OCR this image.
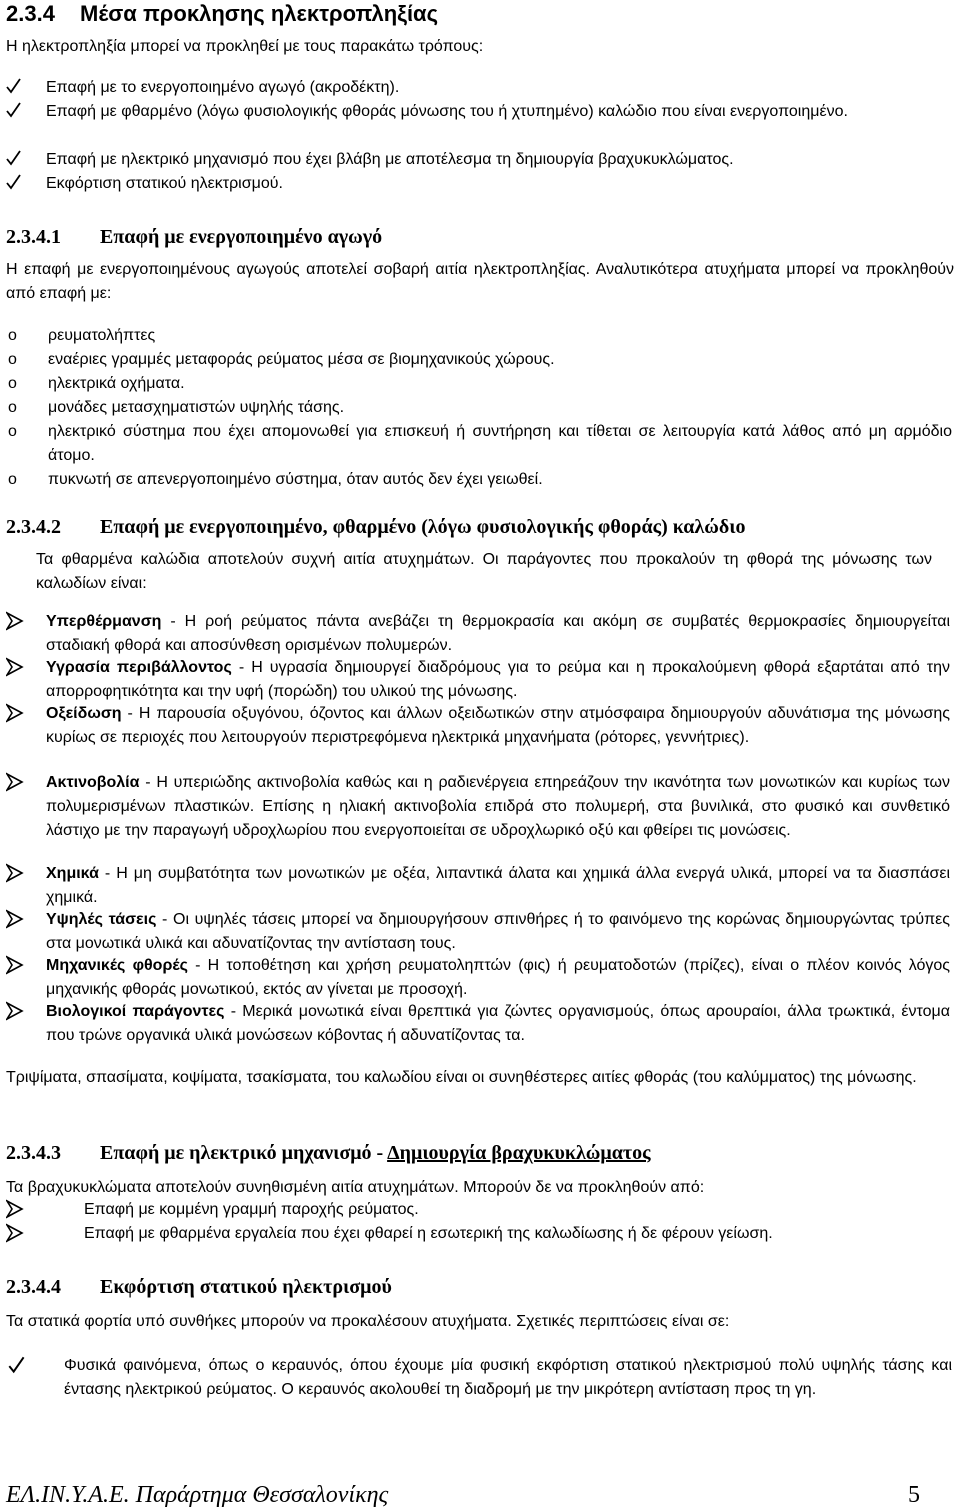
2.3.4 Μέσα προκλησης ηλεκτροπληξίας
Η ηλεκτροπληξία μπορεί να προκληθεί με τους παρακάτω τρόπους:
Επαφή με το ενεργοποιημένο αγωγό (ακροδέκτη).
Επαφή με φθαρμένο (λόγω φυσιολογικής φθοράς μόνωσης του ή χτυπημένο) καλώδιο που είναι ενεργοποιημένο.
Επαφή με ηλεκτρικό μηχανισμό που έχει βλάβη με αποτέλεσμα τη δημιουργία βραχυκυκλώματος.
Εκφόρτιση στατικού ηλεκτρισμού.
2.3.4.1 Επαφή με ενεργοποιημένο αγωγό
Η επαφή με ενεργοποιημένους αγωγούς αποτελεί σοβαρή αιτία ηλεκτροπληξίας. Αναλυτικότερα ατυχήματα μπορεί να προκληθούν από επαφή με:
o ρευματολήπτες
o εναέριες γραμμές μεταφοράς ρεύματος μέσα σε βιομηχανικούς χώρους.
o ηλεκτρικά οχήματα.
o μονάδες μετασχηματιστών υψηλής τάσης.
o ηλεκτρικό σύστημα που έχει απομονωθεί για επισκευή ή συντήρηση και τίθεται σε λειτουργία κατά λάθος από μη αρμόδιο άτομο.
o πυκνωτή σε απενεργοποιημένο σύστημα, όταν αυτός δεν έχει γειωθεί.
2.3.4.2 Επαφή με ενεργοποιημένο, φθαρμένο (λόγω φυσιολογικής φθοράς) καλώδιο
Τα φθαρμένα καλώδια αποτελούν συχνή αιτία ατυχημάτων. Οι παράγοντες που προκαλούν τη φθορά της μόνωσης των καλωδίων είναι:
Υπερθέρμανση - Η ροή ρεύματος πάντα ανεβάζει τη θερμοκρασία και ακόμη σε συμβατές θερμοκρασίες δημιουργείται σταδιακή φθορά και αποσύνθεση ορισμένων πολυμερών.
Υγρασία περιβάλλοντος - Η υγρασία δημιουργεί διαδρόμους για το ρεύμα και η προκαλούμενη φθορά εξαρτάται από την απορροφητικότητα και την υφή (πορώδη) του υλικού της μόνωσης.
Οξείδωση - Η παρουσία οξυγόνου, όζοντος και άλλων οξειδωτικών στην ατμόσφαιρα δημιουργούν αδυνάτισμα της μόνωσης κυρίως σε περιοχές που λειτουργούν περιστρεφόμενα ηλεκτρικά μηχανήματα (ρότορες, γεννήτριες).
Ακτινοβολία - Η υπεριώδης ακτινοβολία καθώς και η ραδιενέργεια επηρεάζουν την ικανότητα των μονωτικών και κυρίως των πολυμερισμένων πλαστικών. Επίσης η ηλιακή ακτινοβολία επιδρά στο πολυμερή, στα βυνιλικά, στο φυσικό και συνθετικό λάστιχο με την παραγωγή υδροχλωρίου που ενεργοποιείται σε υδροχλωρικό οξύ και φθείρει τις μονώσεις.
Χημικά - Η μη συμβατότητα των μονωτικών με οξέα, λιπαντικά άλατα και χημικά άλλα ενεργά υλικά, μπορεί να τα διασπάσει χημικά.
Υψηλές τάσεις - Οι υψηλές τάσεις μπορεί να δημιουργήσουν σπινθήρες ή το φαινόμενο της κορώνας δημιουργώντας τρύπες στα μονωτικά υλικά και αδυνατίζοντας την αντίσταση τους.
Μηχανικές φθορές - Η τοποθέτηση και χρήση ρευματοληπτών (φις) ή ρευματοδοτών (πρίζες), είναι ο πλέον κοινός λόγος μηχανικής φθοράς μονωτικού, εκτός αν γίνεται με προσοχή.
Βιολογικοί παράγοντες - Μερικά μονωτικά είναι θρεπτικά για ζώντες οργανισμούς, όπως αρουραίοι, άλλα τρωκτικά, έντομα που τρώνε οργανικά υλικά μονώσεων κόβοντας ή αδυνατίζοντας τα.
Τριψίματα, σπασίματα, κοψίματα, τσακίσματα, του καλωδίου είναι οι συνηθέστερες αιτίες φθοράς (του καλύμματος) της μόνωσης.
2.3.4.3 Επαφή με ηλεκτρικό μηχανισμό - Δημιουργία βραχυκυκλώματος
Τα βραχυκυκλώματα αποτελούν συνηθισμένη αιτία ατυχημάτων. Μπορούν δε να προκληθούν από:
Επαφή με κομμένη γραμμή παροχής ρεύματος.
Επαφή με φθαρμένα εργαλεία που έχει φθαρεί η εσωτερική της καλωδίωσης ή δε φέρουν γείωση.
2.3.4.4 Εκφόρτιση στατικού ηλεκτρισμού
Τα στατικά φορτία υπό συνθήκες μπορούν να προκαλέσουν ατυχήματα. Σχετικές περιπτώσεις είναι σε:
Φυσικά φαινόμενα, όπως ο κεραυνός, όπου έχουμε μία φυσική εκφόρτιση στατικού ηλεκτρισμού πολύ υψηλής τάσης και έντασης ηλεκτρικού ρεύματος. Ο κεραυνός ακολουθεί τη διαδρομή με την μικρότερη αντίσταση προς τη γη.
ΕΛ.ΙΝ.Υ.Α.Ε. Παράρτημα Θεσσαλονίκης	5
